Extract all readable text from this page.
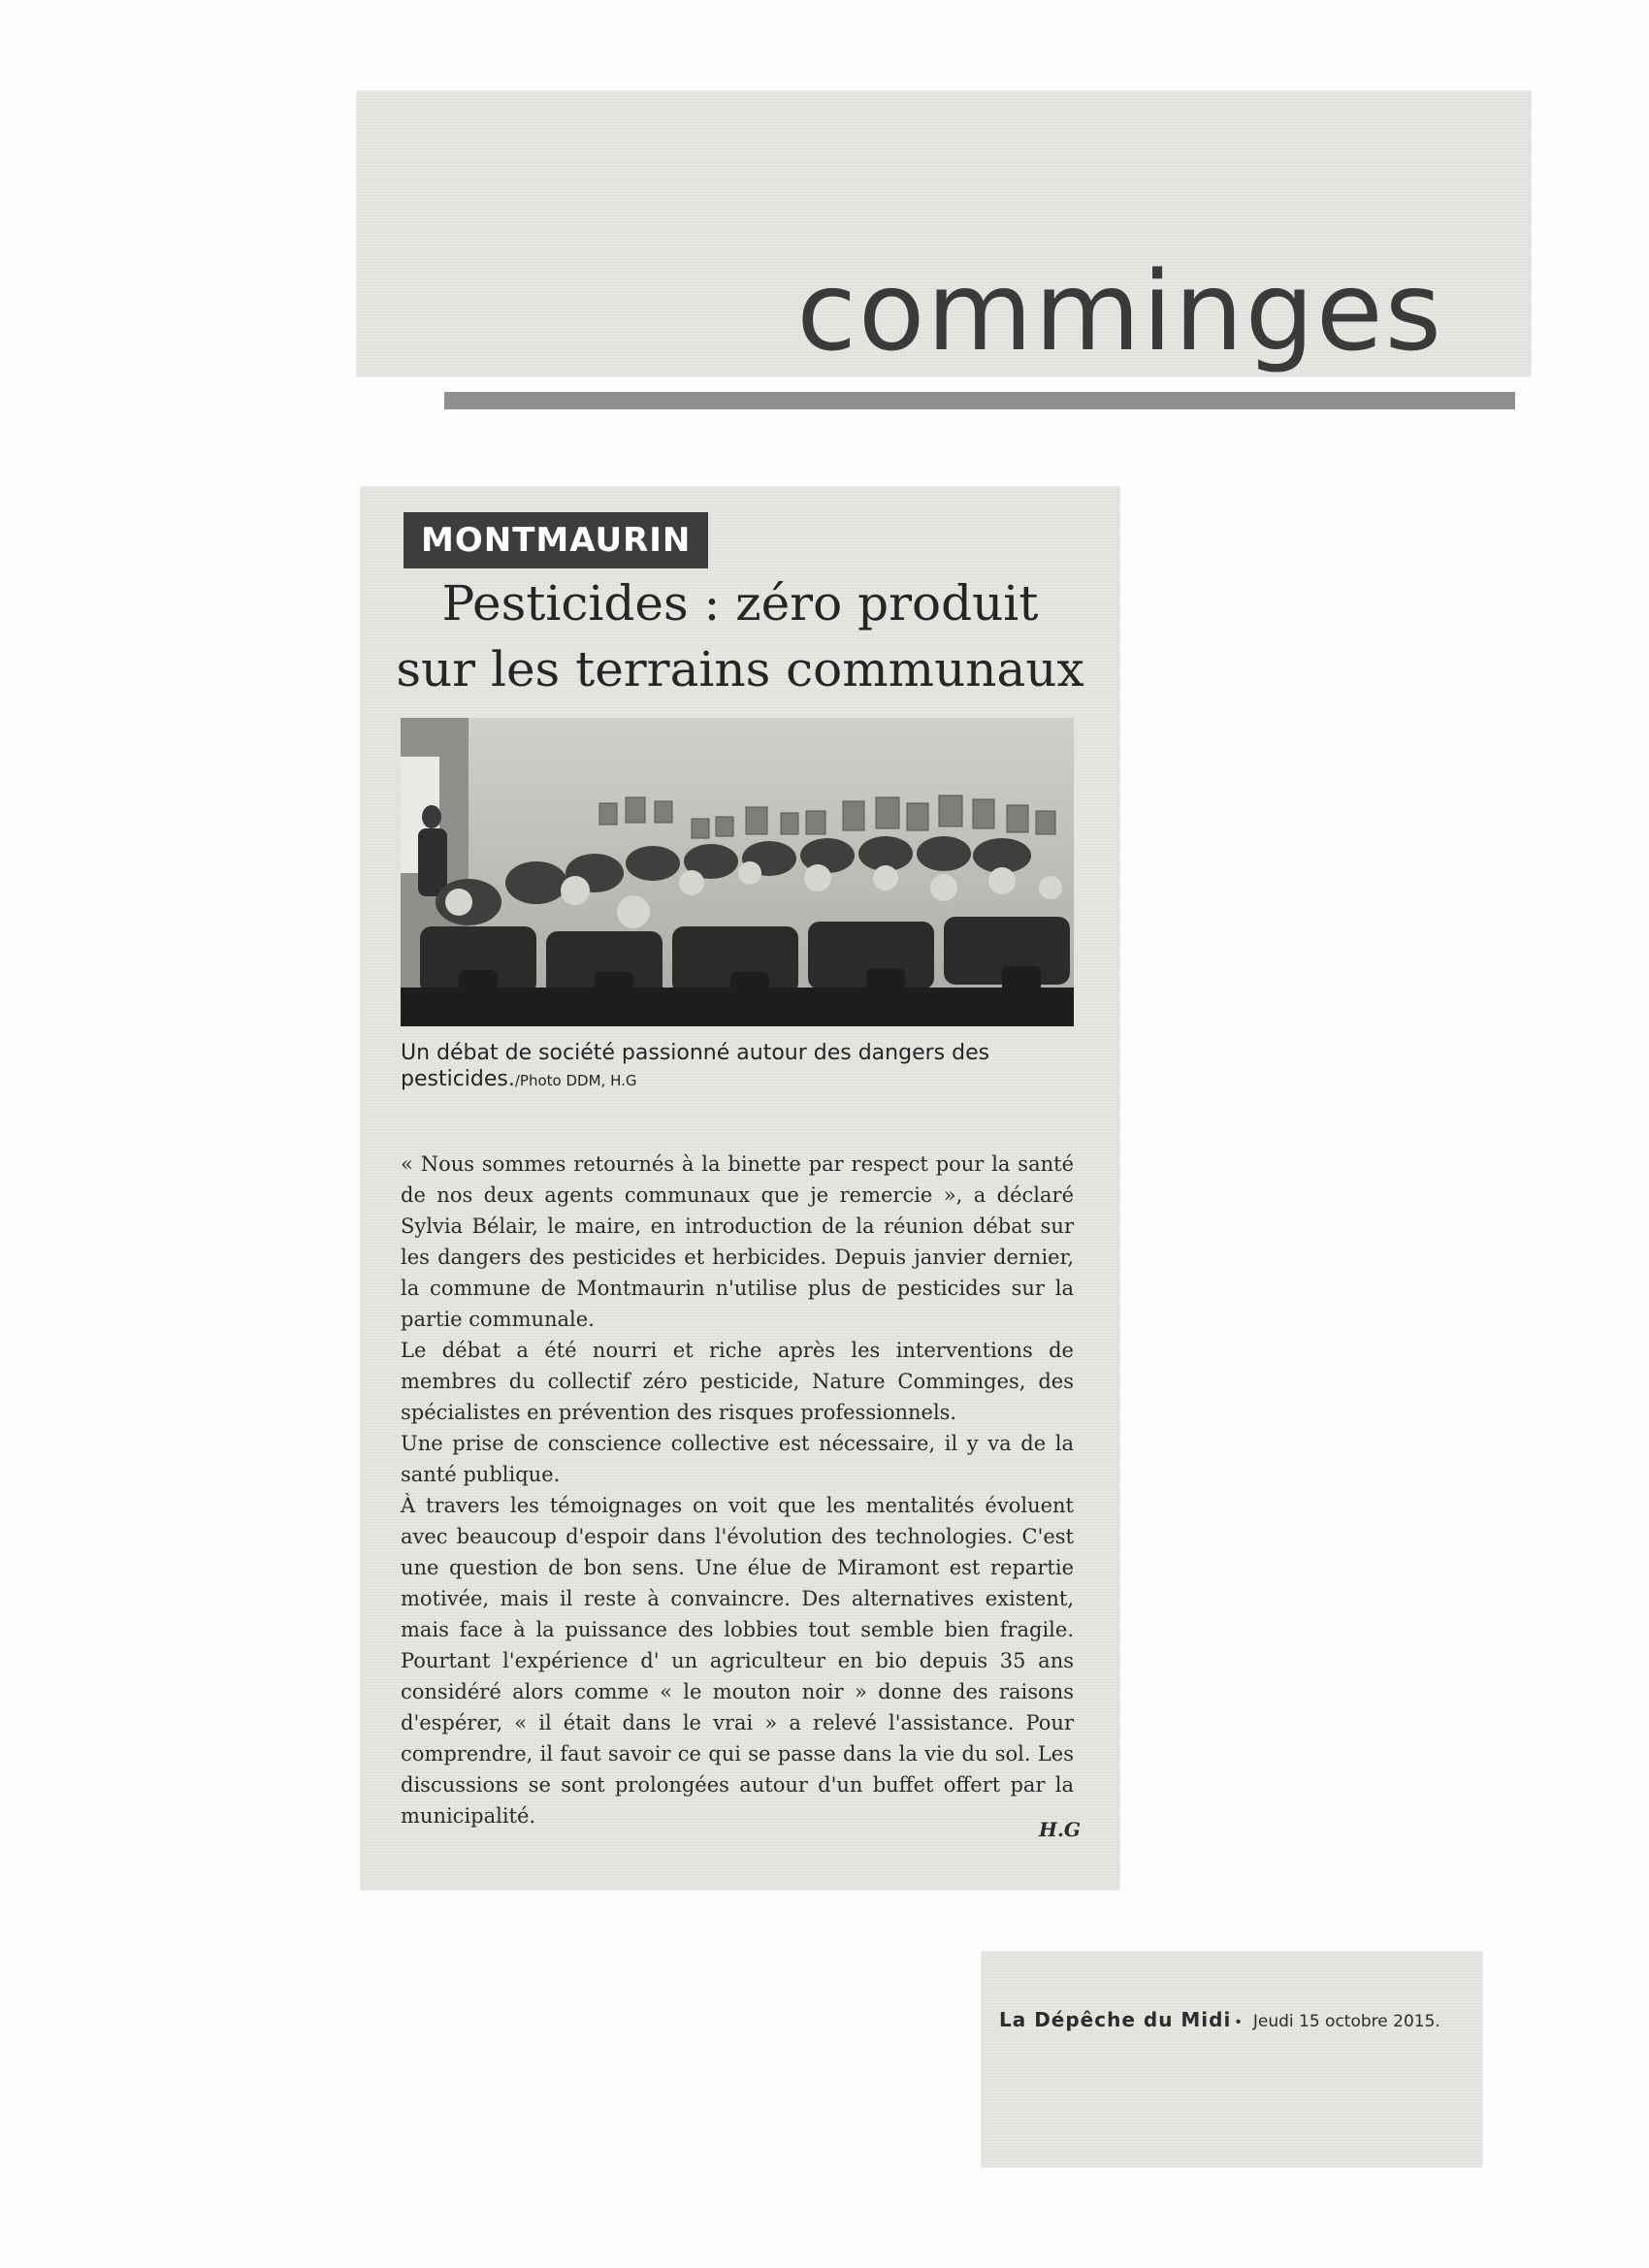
comminges
MONTMAURIN
Pesticides : zéro produit
sur les terrains communaux

Un débat de société passionné autour des dangers des pesticides./Photo DDM, H.G

« Nous sommes retournés à la binette par respect pour la santé de nos deux agents communaux que je remercie », a déclaré Sylvia Bélair, le maire, en introduction de la réunion débat sur les dangers des pesticides et herbicides. Depuis janvier dernier, la commune de Montmaurin n'utilise plus de pesticides sur la partie communale.

Le débat a été nourri et riche après les interventions de membres du collectif zéro pesticide, Nature Comminges, des spécialistes en prévention des risques professionnels.

Une prise de conscience collective est nécessaire, il y va de la santé publique.

À travers les témoignages on voit que les mentalités évoluent avec beaucoup d'espoir dans l'évolution des technologies. C'est une question de bon sens. Une élue de Miramont est repartie motivée, mais il reste à convaincre. Des alternatives existent, mais face à la puissance des lobbies tout semble bien fragile. Pourtant l'expérience d' un agriculteur en bio depuis 35 ans considéré alors comme « le mouton noir » donne des raisons d'espérer, « il était dans le vrai » a relevé l'assistance. Pour comprendre, il faut savoir ce qui se passe dans la vie du sol. Les discussions se sont prolongées autour d'un buffet offert par la municipalité.

H.G
La Dépêche du Midi • Jeudi 15 octobre 2015.
